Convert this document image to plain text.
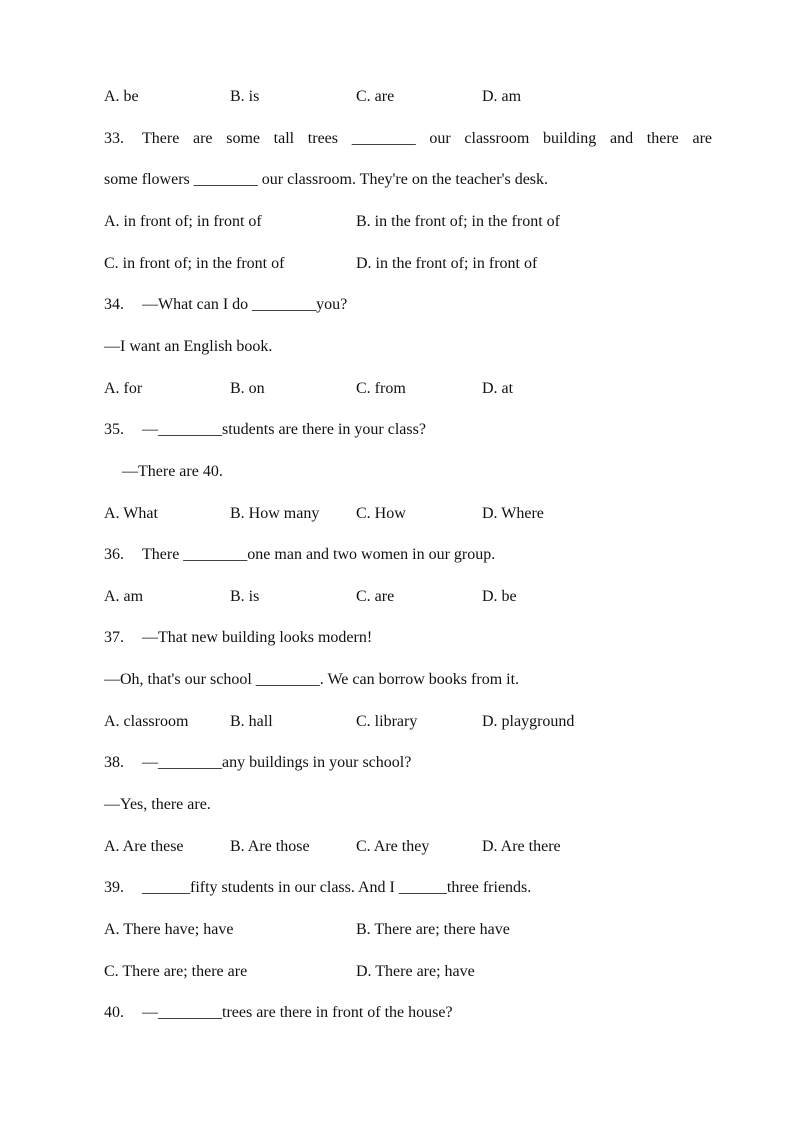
A. be	B. is	C. are	D. am
33.	There are some tall trees ________ our classroom building and there are
some flowers ________ our classroom. They're on the teacher's desk.
A. in front of; in front of	B. in the front of; in the front of
C. in front of; in the front of	D. in the front of; in front of
34. —What can I do ________you?
—I want an English book.
A. for	B. on	C. from	D. at
35. —________students are there in your class?
—There are 40.
A. What	B. How many C. How	D. Where
36. There ________one man and two women in our group.
A. am	B. is	C. are	D. be
37. —That new building looks modern!
—Oh, that's our school ________. We can borrow books from it.
A. classroom	B. hall	C. library	D. playground
38. —________any buildings in your school?
—Yes, there are.
A. Are these	B. Are those	C. Are they	D. Are there
39. ______fifty students in our class. And I ______three friends.
A. There have; have	B. There are; there have
C. There are; there are	D. There are; have
40. —________trees are there in front of the house?
